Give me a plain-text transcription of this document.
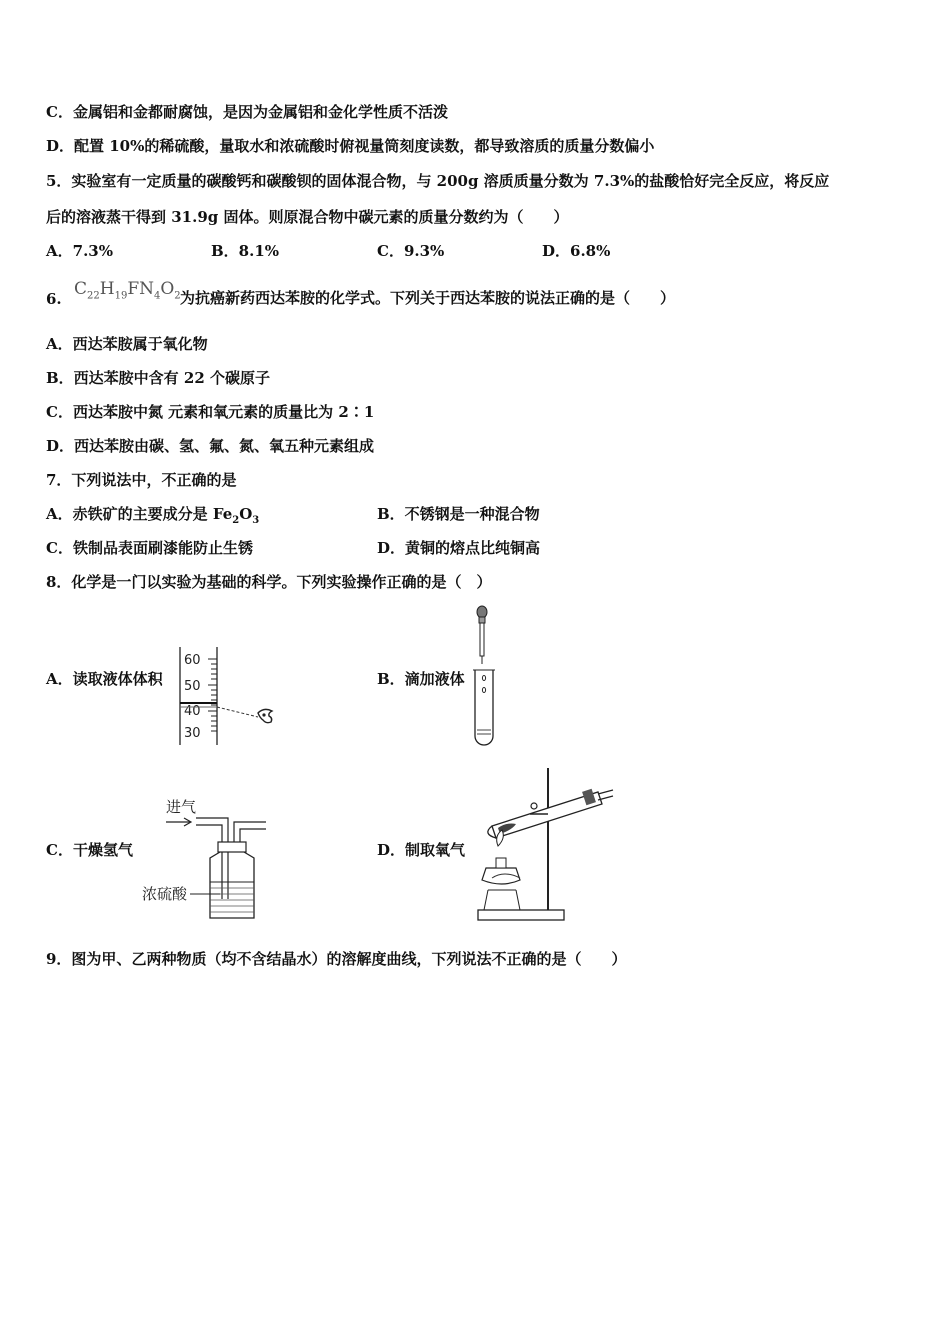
C．金属铝和金都耐腐蚀，是因为金属铝和金化学性质不活泼
D．配置 10%的稀硫酸，量取水和浓硫酸时俯视量筒刻度读数，都导致溶质的质量分数偏小
5．实验室有一定质量的碳酸钙和碳酸钡的固体混合物，与 200g 溶质质量分数为 7.3%的盐酸恰好完全反应，将反应
后的溶液蒸干得到 31.9g 固体。则原混合物中碳元素的质量分数约为（　　）
A．7.3%	B．8.1%	C．9.3%	D．6.8%
6. $C_{22}H_{19}FN_4O_2$ 为抗癌新药西达苯胺的化学式。下列关于西达苯胺的说法正确的是（　　）
A．西达苯胺属于氧化物
B．西达苯胺中含有 22 个碳原子
C．西达苯胺中氮 元素和氧元素的质量比为 2∶1
D．西达苯胺由碳、氢、氟、氮、氧五种元素组成
7．下列说法中，不正确的是
A．赤铁矿的主要成分是 $Fe_2O_3$	B．不锈钢是一种混合物
C．铁制品表面刷漆能防止生锈	D．黄铜的熔点比纯铜高
8．化学是一门以实验为基础的科学。下列实验操作正确的是（　）
A．读取液体体积
60
50
40
30
B．滴加液体
C．干燥氢气
进气
浓硫酸
D．制取氧气
9．图为甲、乙两种物质（均不含结晶水）的溶解度曲线，下列说法不正确的是（　　）
